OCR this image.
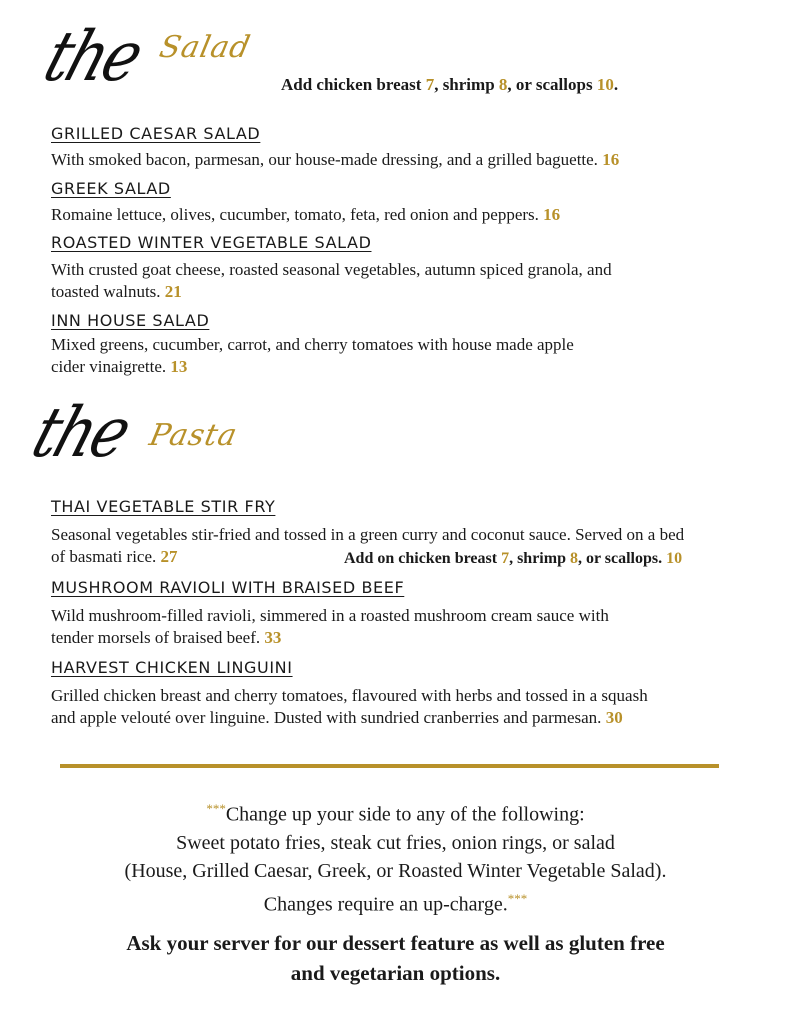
the Salad
Add chicken breast 7, shrimp 8, or scallops 10.
GRILLED CAESAR SALAD
With smoked bacon, parmesan, our house-made dressing, and a grilled baguette. 16
GREEK SALAD
Romaine lettuce, olives, cucumber, tomato, feta, red onion and peppers. 16
ROASTED WINTER VEGETABLE SALAD
With crusted goat cheese, roasted seasonal vegetables, autumn spiced granola, and
toasted walnuts. 21
INN HOUSE SALAD
Mixed greens, cucumber, carrot, and cherry tomatoes with house made apple
cider vinaigrette. 13
the Pasta
THAI VEGETABLE STIR FRY
Seasonal vegetables stir-fried and tossed in a green curry and coconut sauce. Served on a bed
of basmati rice. 27	Add on chicken breast 7, shrimp 8, or scallops. 10
MUSHROOM RAVIOLI WITH BRAISED BEEF
Wild mushroom-filled ravioli, simmered in a roasted mushroom cream sauce with
tender morsels of braised beef. 33
HARVEST CHICKEN LINGUINI
Grilled chicken breast and cherry tomatoes, flavoured with herbs and tossed in a squash
and apple velouté over linguine. Dusted with sundried cranberries and parmesan. 30
***Change up your side to any of the following:
Sweet potato fries, steak cut fries, onion rings, or salad
(House, Grilled Caesar, Greek, or Roasted Winter Vegetable Salad).
Changes require an up-charge.***
Ask your server for our dessert feature as well as gluten free
and vegetarian options.
